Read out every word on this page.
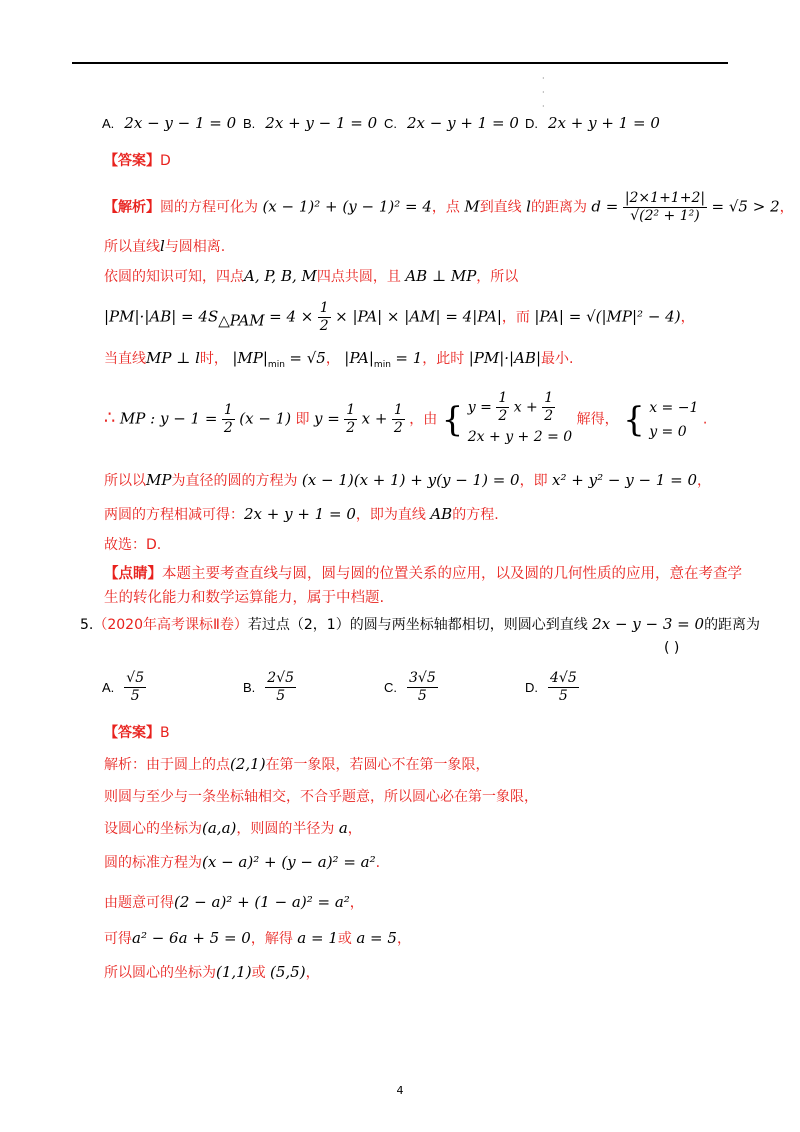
·
·
·
A. 2x − y − 1 = 0 B. 2x + y − 1 = 0 C. 2x − y + 1 = 0 D. 2x + y + 1 = 0
【答案】D
【解析】圆的方程可化为 (x − 1)² + (y − 1)² = 4，点 M到直线 l的距离为 $d = \frac{|2\times 1+1+2|}{\text{√(2² + 1²)}} = √5 > 2$，
所以直线l与圆相离.
依圆的知识可知，四点A, P, B, M四点共圆，且 AB ⊥ MP，所以
$|PM|\cdot|AB| = 4S_{\triangle PAM} = 4 \times \frac{1}{2} \times |PA| \times |AM| = 4|PA|$，而 |PA| = √(|MP|² − 4)，
当直线MP ⊥ l时， $|MP|_{min} = √5$， $|PA|_{min} = 1$，此时 |PM|·|AB|最小.
∴ MP : $y - 1 = \frac{1}{2} (x - 1)$ 即 $y = \frac{1}{2}$ $x + \frac{1}{2}$ ，由 { $y = \frac{1}{2}$ $x + \frac{1}{2}$
2x + y + 2 = 0
解得， { x = −1
y = 0
.
所以以MP为直径的圆的方程为 (x − 1)(x + 1) + y(y − 1) = 0，即 x² + y² − y − 1 = 0，
两圆的方程相减可得：2x + y + 1 = 0，即为直线 AB的方程.
故选：D.
【点睛】本题主要考查直线与圆，圆与圆的位置关系的应用，以及圆的几何性质的应用，意在考查学
生的转化能力和数学运算能力，属于中档题.
5.（2020年高考课标Ⅱ卷）若过点（2，1）的圆与两坐标轴都相切，则圆心到直线 2x − y − 3 = 0的距离为
( )
A. $\frac{√5}{5}$	B. $\frac{2√5}{5}$	C. $\frac{3√5}{5}$	D. $\frac{4√5}{5}$
【答案】B
解析：由于圆上的点(2,1)在第一象限，若圆心不在第一象限，
则圆与至少与一条坐标轴相交，不合乎题意，所以圆心必在第一象限，
设圆心的坐标为(a,a)，则圆的半径为 a，
圆的标准方程为(x − a)² + (y − a)² = a².
由题意可得(2 − a)² + (1 − a)² = a²，
可得a² − 6a + 5 = 0，解得 a = 1或 a = 5，
所以圆心的坐标为(1,1)或 (5,5)，
4
